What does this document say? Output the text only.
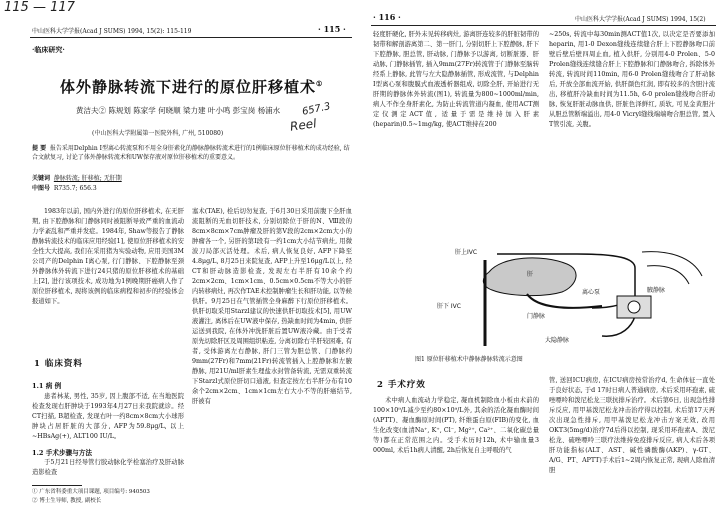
115 — 117
中山医科大学学报(Acad J SUMS) 1994, 15(2): 115-119	· 115 ·
·临床研究·
体外静脉转流下进行的原位肝移植术①
黄洁夫② 陈规划 陈家学 何晓顺 梁力建 叶小鸣 彭宝岗 杨浦水 657.3
Reel
(中山医科大学附属第一医院外科, 广州, 510080)
提 要 报告采用Delphin Ⅰ型离心转流泵和不用全身肝素化的静脉静脉转流术进行的1例临床原位肝移植术的成功经验, 结合文献复习, 讨论了体外静脉转流术和UW保存液对原位肝移植术的重要意义。
关键词 静脉转流; 肝移植; 无肝期
中图号 R735.7; 656.3
1983年以前, 国内外进行的原位肝移植术, 在无肝期, 由下腔静脉和门静脉同时被阻断导致严重的血流动力学紊乱和严重并发症。1984年, Shaw等报告了静脉静脉转流技术的临床应用经验[1], 使原位肝移植术的安全性大大提高, 我们在采用猪为实验动物, 应用美国3M公司产的Delphin Ⅰ离心泵, 行门静脉、下腔静脉至颈外静脉体外转流下进行24只猪的原位肝移植术的基础上[2], 进行该项技术, 成功地为1例晚期肝癌病人作了原位肝移植术, 现将该例的临床病程和初步的经验体会报道如下。
1 临床资料
1.1 病 例
患者林某, 男性, 35岁, 因上腹部不适, 在当地医院检查发现右肝肿块于1993年4月27日来我院就诊。经CT扫描, B超检查, 发现右叶一约8cm×8cm大小球形肿块占居肝脏的大部分, AFP为59.8μg/L, 以上~HBsAg(+), ALT100 IU/L。
1.2 手术步骤与方法
于5月21日经导管行胶动脉化学栓塞治疗及肝动脉造影检查
① 广东省科委重大项目课题, 项目编号: 940503
② 博士生导师, 教授, 副校长
塞术(TAE), 栓后切勿复查, 于6月30日采用前腹下全肝血流阻断的无血切肝技术, 分别切除位于肝的N、Ⅷ段的8cm×8cm×7cm肿瘤及肝的第Ⅴ段的2cm×2cm大小的肿瘤各一个, 另肝的第Ⅰ段有一约1cm大小结节病灶, 用微波刀局部灭活处理。术后, 病人恢复良好, AFP下降至4.8μg/L, 8月25日来院复查, AFP上升至16μg/L以上, 经CT和肝动脉造影检查, 发现左右半肝有10余个约2cm×2cm、1cm×1cm、0.5cm×0.5cm不等大小的肝内转移病灶, 再次作TAE术控制肿瘤生长和肝功能, 以等候供肝。9月25日在气管插管全身麻醉下行原位肝移植术。供肝切取采用Starzl建议的快速供肝切取技术[5], 用UW液灌注, 离体后在UW液中保存, 热缺血时间为4min, 供肝运送到我院, 在体外冲洗肝脏后置UW液冷藏。由于受者原先切除肝区及周围组织粘连, 分离切除右半肝较困难, 有者, 受体游离左右静脉, 肝门三管为胆总管、门静脉约9mm(27Fr)和7mm(21Fr)转流管插入上腔静脉和左腋静脉, 用21U/ml肝素生理盐水封管备转流, 无需双重转流下Starzl式原位肝切口通液, 但查定按左右半肝分布有10余个2cm×2cm、1cm×1cm左右大小不等的肝癌结节, 肝被有
· 116 ·	中山医科大学学报(Acad J SUMS) 1994, 15(2)
轻度肝硬化, 肝外未见转移病灶, 游离肝连较多的肝脏韧带的韧带和解剖游离第二、第一肝门, 分别切肝上下腔静脉, 肝下下腔静脉, 胆总管, 肝动脉, 门静脉予以游离, 切断脏器、肝动脉, 门静脉插管, 插入9mm(27Fr)转流管于门静脉至脑转经系上静脉, 此管与左大隐静脉插管, 形成流管, 与Delphin Ⅰ型离心泵和腹膜式血液透析器组成, 切除全肝, 开始进行无肝期的静脉体外转流(图1), 转流量为800~1000ml/min, 病人不作全身肝素化, 为防止转流管道内凝血, 使用ACT测定仪测定ACT值, 适量于需是维持加入肝素(heparin)0.5~1mg/kg, 使ACT维持在200
~250s, 转流中每30min测ACT值1次, 以决定是否要添加heparin, 用1-0 Dexon缝线连续缝合肝上下腔静脉吻口前壁后壁后壁四周止血, 植入供肝, 分别用4-0 Prolen、5-0 Prolen缝线连续缝合肝上下腔静脉和门静脉吻合, 拆除体外转流, 转流时间110min, 用6-0 Prolen缝线吻合了肝动脉后, 开放全部血流开始, 供肝颜色红润, 即有较多的含胆汁流出, 移植肝冷缺血时间为11.5h, 6-0 prolen缝线吻合肝动脉, 恢复肝脏动脉血供, 肝脏色泽鲜红, 质软, 可见金黄胆汁从胆总管断端溢出, 用4-0 Vicryl缝线端端吻合胆总管, 置入T管引流, 关腹。
肝上IVC
肝
离心泵	腋静脉
肝下 IVC
门静脉
大隐静脉
图1 原位肝移植术中静脉静脉转流示意图
2 手术疗效
术中病人血流动力学稳定, 凝血机制除血小板由术前的100×10⁹/L减少至约80×10⁹/L外, 其余的活化凝血酶时间(APTT)、凝血酶原时间(PT), 纤维蛋白原(FIB)的变化, 血生化改变(血清Na⁺, K⁺, Cl⁻, Mg²⁺, Ca²⁺、二氧化碳总量等)都在正常范围之内。受手术历时12h, 术中输血量3 000ml, 术后1h病人清醒, 2h后恢复自主呼吸的气
管, 送回ICU病房, 在ICU病房按常治疗d, 生命体征一直处于良好状态, 于d 17时日病人普通病房, 术后采用环孢素, 硫唑嘌呤和泼尼松龙三联抗排斥治疗。术后第6日, 出现急性排斥反应, 用甲基泼尼松龙冲击治疗得以控制, 术后第17天再次出现急性排斥, 用甲基泼尼松龙冲击方案无效, 改用OKT3(5mg/d)治疗7d后得以控制, 现采用环孢素A、泼尼松龙、硫唑嘌呤三联疗法维持免疫排斥反应, 病人术后各项肝功能指标(ALT、AST、碱性磷酸酶(AKP)、γ-GT、A/G、PT、APTT)手术后1~2周内恢复正常, 现病人除血清胆
